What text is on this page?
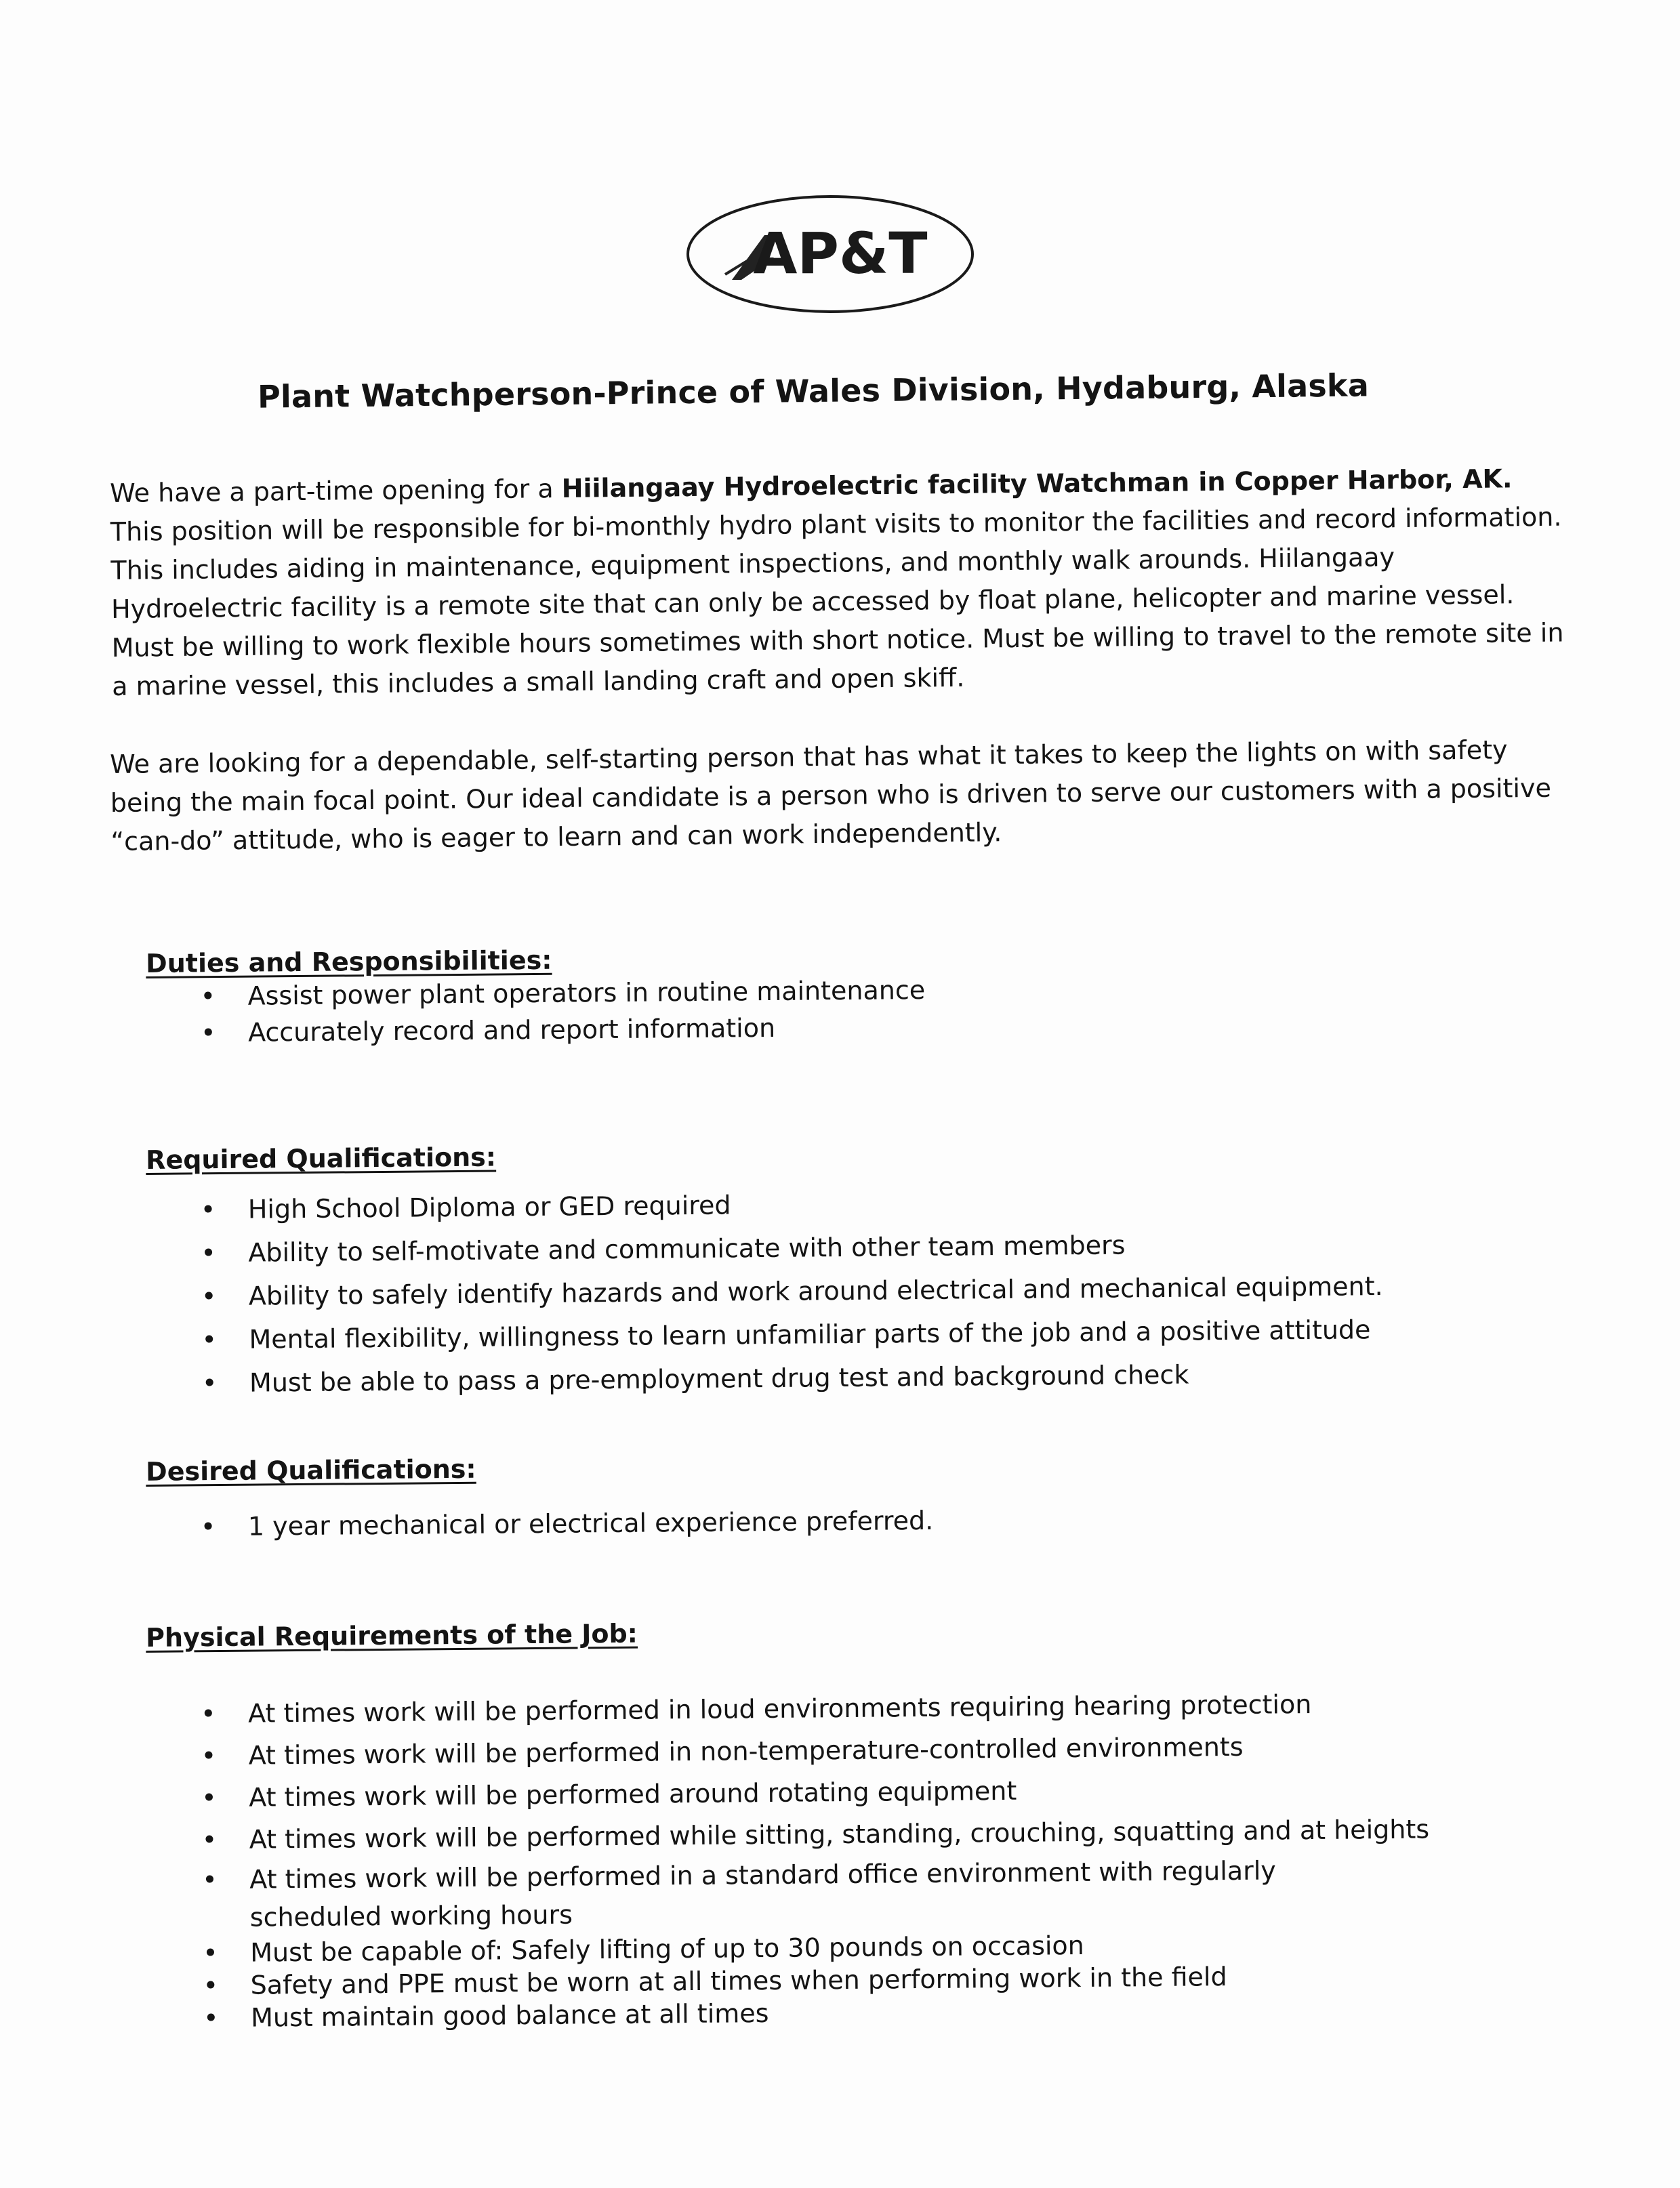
AP&T
Plant Watchperson-Prince of Wales Division, Hydaburg, Alaska
We have a part-time opening for a Hiilangaay Hydroelectric facility Watchman in Copper Harbor, AK. This position will be responsible for bi-monthly hydro plant visits to monitor the facilities and record information. This includes aiding in maintenance, equipment inspections, and monthly walk arounds. Hiilangaay Hydroelectric facility is a remote site that can only be accessed by float plane, helicopter and marine vessel. Must be willing to work flexible hours sometimes with short notice. Must be willing to travel to the remote site in a marine vessel, this includes a small landing craft and open skiff.
We are looking for a dependable, self-starting person that has what it takes to keep the lights on with safety being the main focal point. Our ideal candidate is a person who is driven to serve our customers with a positive “can-do” attitude, who is eager to learn and can work independently.
Duties and Responsibilities:
• Assist power plant operators in routine maintenance
• Accurately record and report information
Required Qualifications:
• High School Diploma or GED required
• Ability to self-motivate and communicate with other team members
• Ability to safely identify hazards and work around electrical and mechanical equipment.
• Mental flexibility, willingness to learn unfamiliar parts of the job and a positive attitude
• Must be able to pass a pre-employment drug test and background check
Desired Qualifications:
• 1 year mechanical or electrical experience preferred.
Physical Requirements of the Job:
• At times work will be performed in loud environments requiring hearing protection
• At times work will be performed in non-temperature-controlled environments
• At times work will be performed around rotating equipment
• At times work will be performed while sitting, standing, crouching, squatting and at heights
• At times work will be performed in a standard office environment with regularly scheduled working hours
• Must be capable of: Safely lifting of up to 30 pounds on occasion
• Safety and PPE must be worn at all times when performing work in the field
• Must maintain good balance at all times
